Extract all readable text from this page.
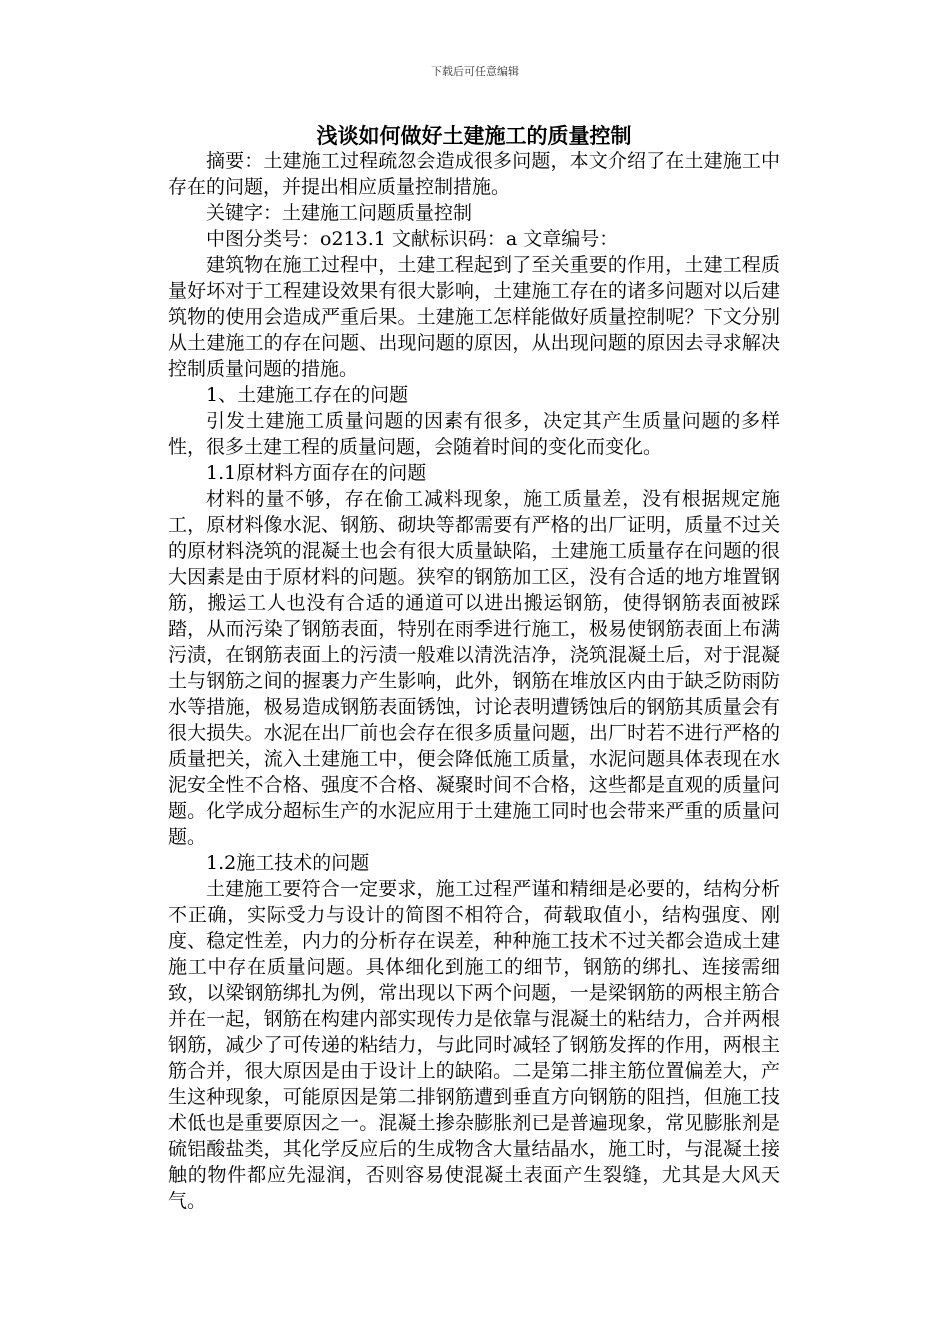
下载后可任意编辑
浅谈如何做好土建施工的质量控制

摘要：土建施工过程疏忽会造成很多问题，本文介绍了在土建施工中存在的问题，并提出相应质量控制措施。

关键字：土建施工问题质量控制

中图分类号：o213.1 文献标识码：a 文章编号：

建筑物在施工过程中，土建工程起到了至关重要的作用，土建工程质量好坏对于工程建设效果有很大影响，土建施工存在的诸多问题对以后建筑物的使用会造成严重后果。土建施工怎样能做好质量控制呢？下文分别从土建施工的存在问题、出现问题的原因，从出现问题的原因去寻求解决控制质量问题的措施。

1、土建施工存在的问题

引发土建施工质量问题的因素有很多，决定其产生质量问题的多样性，很多土建工程的质量问题，会随着时间的变化而变化。

1.1原材料方面存在的问题

材料的量不够，存在偷工减料现象，施工质量差，没有根据规定施工，原材料像水泥、钢筋、砌块等都需要有严格的出厂证明，质量不过关的原材料浇筑的混凝土也会有很大质量缺陷，土建施工质量存在问题的很大因素是由于原材料的问题。狭窄的钢筋加工区，没有合适的地方堆置钢筋，搬运工人也没有合适的通道可以进出搬运钢筋，使得钢筋表面被踩踏，从而污染了钢筋表面，特别在雨季进行施工，极易使钢筋表面上布满污渍，在钢筋表面上的污渍一般难以清洗洁净，浇筑混凝土后，对于混凝土与钢筋之间的握裹力产生影响，此外，钢筋在堆放区内由于缺乏防雨防水等措施，极易造成钢筋表面锈蚀，讨论表明遭锈蚀后的钢筋其质量会有很大损失。水泥在出厂前也会存在很多质量问题，出厂时若不进行严格的质量把关，流入土建施工中，便会降低施工质量，水泥问题具体表现在水泥安全性不合格、强度不合格、凝聚时间不合格，这些都是直观的质量问题。化学成分超标生产的水泥应用于土建施工同时也会带来严重的质量问题。

1.2施工技术的问题

土建施工要符合一定要求，施工过程严谨和精细是必要的，结构分析不正确，实际受力与设计的简图不相符合，荷载取值小，结构强度、刚度、稳定性差，内力的分析存在误差，种种施工技术不过关都会造成土建施工中存在质量问题。具体细化到施工的细节，钢筋的绑扎、连接需细致，以梁钢筋绑扎为例，常出现以下两个问题，一是梁钢筋的两根主筋合并在一起，钢筋在构建内部实现传力是依靠与混凝土的粘结力，合并两根钢筋，减少了可传递的粘结力，与此同时减轻了钢筋发挥的作用，两根主筋合并，很大原因是由于设计上的缺陷。二是第二排主筋位置偏差大，产生这种现象，可能原因是第二排钢筋遭到垂直方向钢筋的阻挡，但施工技术低也是重要原因之一。混凝土掺杂膨胀剂已是普遍现象，常见膨胀剂是硫铝酸盐类，其化学反应后的生成物含大量结晶水，施工时，与混凝土接触的物件都应先湿润，否则容易使混凝土表面产生裂缝，尤其是大风天气。
